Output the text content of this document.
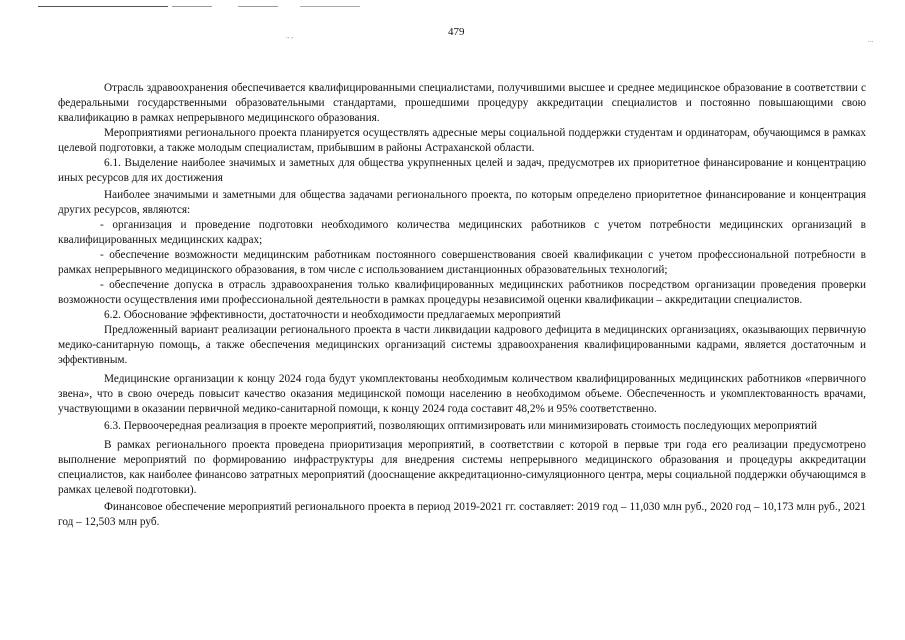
.. ,	...
479

Отрасль здравоохранения обеспечивается квалифицированными специалистами, получившими высшее и среднее медицинское образование в соответствии с федеральными государственными образовательными стандартами, прошедшими процедуру аккредитации специалистов и постоянно повышающими свою квалификацию в рамках непрерывного медицинского образования.

Мероприятиями регионального проекта планируется осуществлять адресные меры социальной поддержки студентам и ординаторам, обучающимся в рамках целевой подготовки, а также молодым специалистам, прибывшим в районы Астраханской области.

6.1. Выделение наиболее значимых и заметных для общества укрупненных целей и задач, предусмотрев их приоритетное финансирование и концентрацию иных ресурсов для их достижения

Наиболее значимыми и заметными для общества задачами регионального проекта, по которым определено приоритетное финансирование и концентрация других ресурсов, являются:

- организация и проведение подготовки необходимого количества медицинских работников с учетом потребности медицинских организаций в квалифицированных медицинских кадрах;

- обеспечение возможности медицинским работникам постоянного совершенствования своей квалификации с учетом профессиональной потребности в рамках непрерывного медицинского образования, в том числе с использованием дистанционных образовательных технологий;

- обеспечение допуска в отрасль здравоохранения только квалифицированных медицинских работников посредством организации проведения проверки возможности осуществления ими профессиональной деятельности в рамках процедуры независимой оценки квалификации – аккредитации специалистов.

6.2. Обоснование эффективности, достаточности и необходимости предлагаемых мероприятий

Предложенный вариант реализации регионального проекта в части ликвидации кадрового дефицита в медицинских организациях, оказывающих первичную медико-санитарную помощь, а также обеспечения медицинских организаций системы здравоохранения квалифицированными кадрами, является достаточным и эффективным.

Медицинские организации к концу 2024 года будут укомплектованы необходимым количеством квалифицированных медицинских работников «первичного звена», что в свою очередь повысит качество оказания медицинской помощи населению в необходимом объеме. Обеспеченность и укомплектованность врачами, участвующими в оказании первичной медико-санитарной помощи, к концу 2024 года составит 48,2% и 95% соответственно.

6.3. Первоочередная реализация в проекте мероприятий, позволяющих оптимизировать или минимизировать стоимость последующих мероприятий

В рамках регионального проекта проведена приоритизация мероприятий, в соответствии с которой в первые три года его реализации предусмотрено выполнение мероприятий по формированию инфраструктуры для внедрения системы непрерывного медицинского образования и процедуры аккредитации специалистов, как наиболее финансово затратных мероприятий (дооснащение аккредитационно-симуляционного центра, меры социальной поддержки обучающимся в рамках целевой подготовки).

Финансовое обеспечение мероприятий регионального проекта в период 2019-2021 гг. составляет: 2019 год – 11,030 млн руб., 2020 год – 10,173 млн руб., 2021 год – 12,503 млн руб.
